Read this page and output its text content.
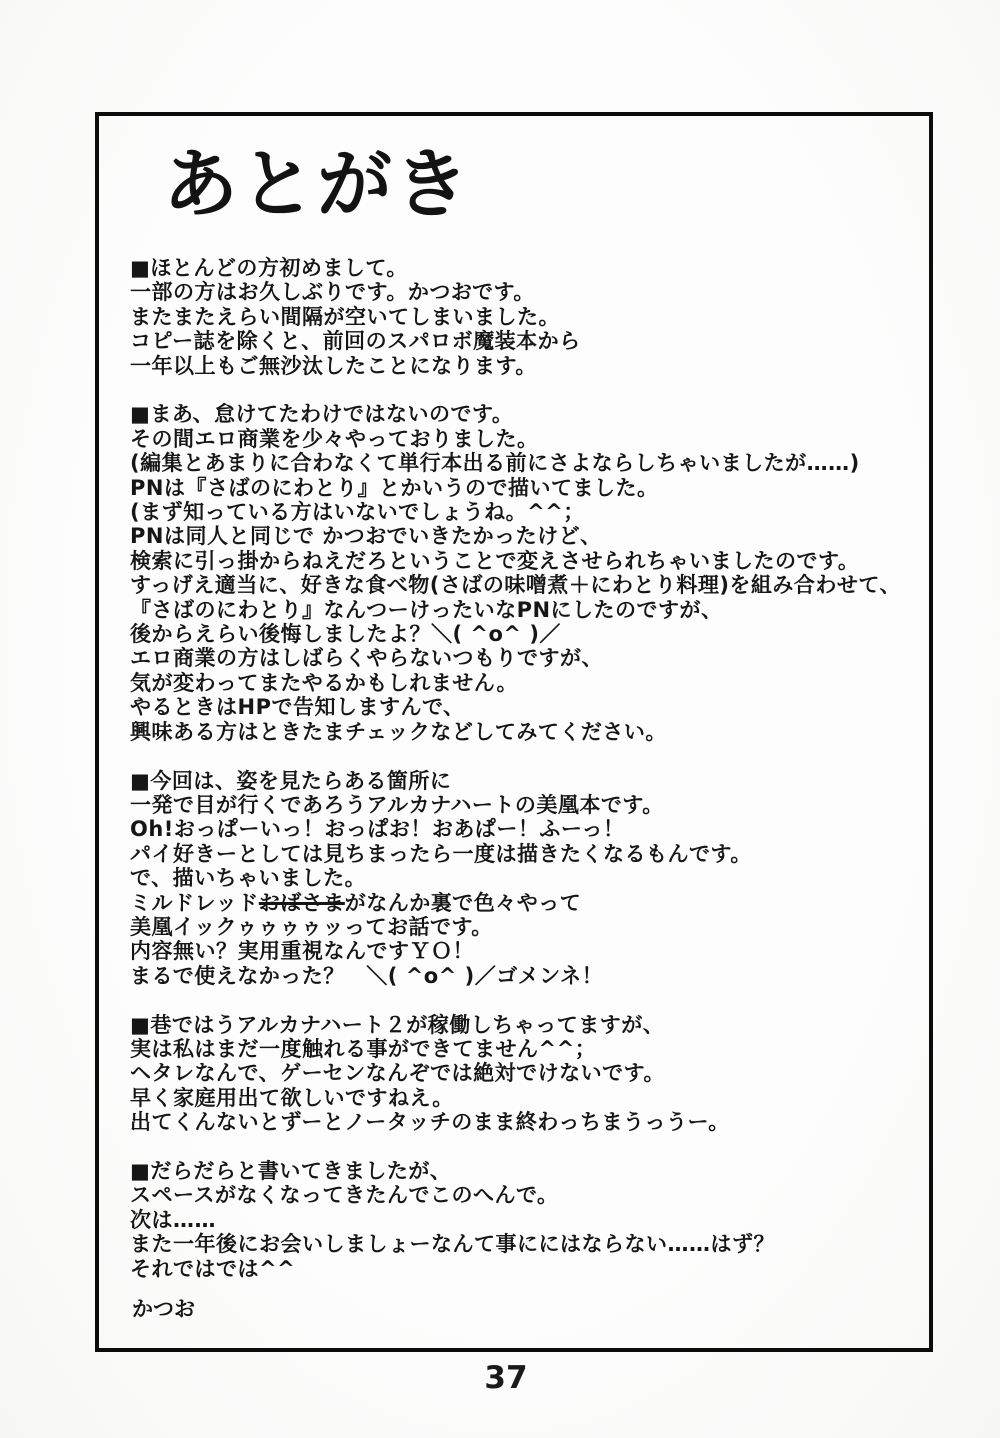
あとがき
■ほとんどの方初めまして。
一部の方はお久しぶりです。かつおです。
またまたえらい間隔が空いてしまいました。
コピー誌を除くと、前回のスパロボ魔装本から
一年以上もご無沙汰したことになります。
■まあ、怠けてたわけではないのです。
その間エロ商業を少々やっておりました。
(編集とあまりに合わなくて単行本出る前にさよならしちゃいましたが……)
PNは『さばのにわとり』とかいうので描いてました。
(まず知っている方はいないでしょうね。^^；
PNは同人と同じで かつおでいきたかったけど、
検索に引っ掛からねえだろということで変えさせられちゃいましたのです。
すっげえ適当に、好きな食べ物(さばの味噌煮＋にわとり料理)を組み合わせて、
『さばのにわとり』なんつーけったいなPNにしたのですが、
後からえらい後悔しましたよ？＼( ^o^ )／
エロ商業の方はしばらくやらないつもりですが、
気が変わってまたやるかもしれません。
やるときはHPで告知しますんで、
興味ある方はときたまチェックなどしてみてください。
■今回は、姿を見たらある箇所に
一発で目が行くであろうアルカナハートの美凰本です。
Oh!おっぱーいっ！おっぱお！おあぱー！ふーっ！
パイ好きーとしては見ちまったら一度は描きたくなるもんです。
で、描いちゃいました。
ミルドレッドおばさまがなんか裏で色々やって
美凰イックゥゥゥゥッってお話です。
内容無い？実用重視なんですＹＯ！
まるで使えなかった？　＼( ^o^ )／ゴメンネ！
■巷ではうアルカナハート２が稼働しちゃってますが、
実は私はまだ一度触れる事ができてません^^；
ヘタレなんで、ゲーセンなんぞでは絶対でけないです。
早く家庭用出て欲しいですねえ。
出てくんないとずーとノータッチのまま終わっちまうっうー。
■だらだらと書いてきましたが、
スペースがなくなってきたんでこのへんで。
次は……
また一年後にお会いしましょーなんて事ににはならない……はず？
それではでは^^
かつお
37
